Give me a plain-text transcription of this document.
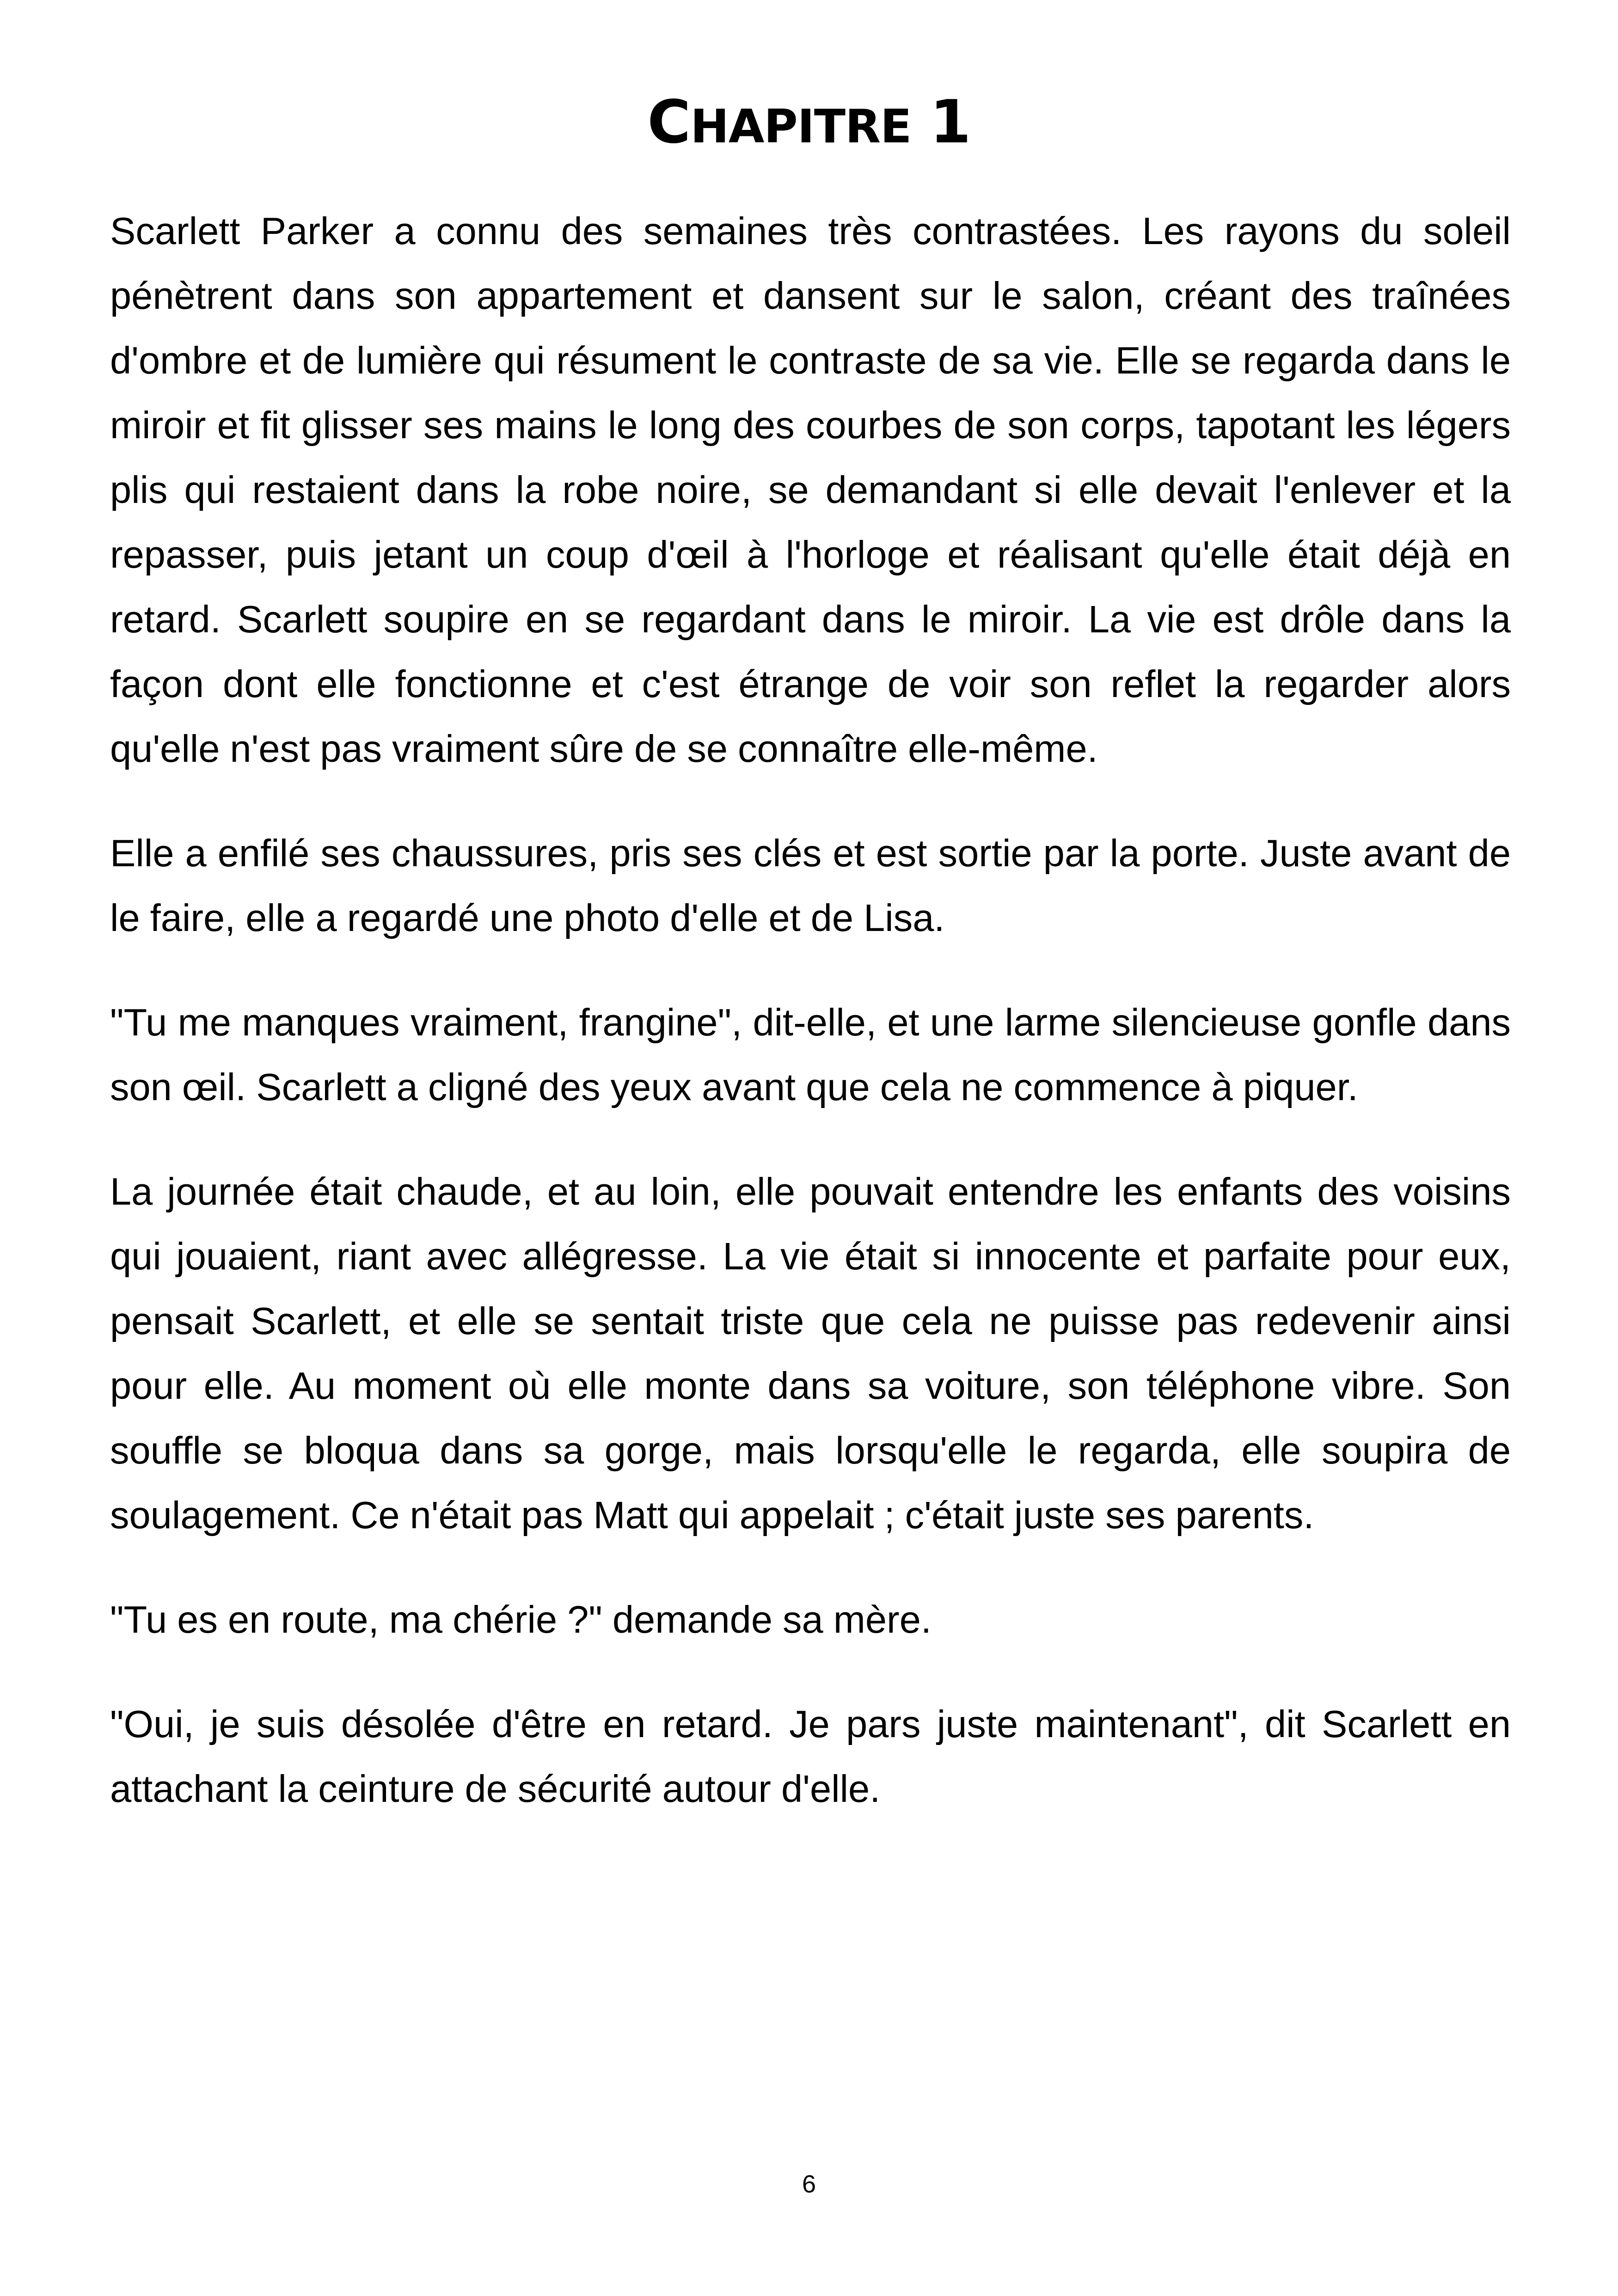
CHAPITRE 1

Scarlett Parker a connu des semaines très contrastées. Les rayons du soleil pénètrent dans son appartement et dansent sur le salon, créant des traînées d'ombre et de lumière qui résument le contraste de sa vie. Elle se regarda dans le miroir et fit glisser ses mains le long des courbes de son corps, tapotant les légers plis qui restaient dans la robe noire, se demandant si elle devait l'enlever et la repasser, puis jetant un coup d'œil à l'horloge et réalisant qu'elle était déjà en retard. Scarlett soupire en se regardant dans le miroir. La vie est drôle dans la façon dont elle fonctionne et c'est étrange de voir son reflet la regarder alors qu'elle n'est pas vraiment sûre de se connaître elle-même.

Elle a enfilé ses chaussures, pris ses clés et est sortie par la porte. Juste avant de le faire, elle a regardé une photo d'elle et de Lisa.

"Tu me manques vraiment, frangine", dit-elle, et une larme silencieuse gonfle dans son œil. Scarlett a cligné des yeux avant que cela ne commence à piquer.

La journée était chaude, et au loin, elle pouvait entendre les enfants des voisins qui jouaient, riant avec allégresse. La vie était si innocente et parfaite pour eux, pensait Scarlett, et elle se sentait triste que cela ne puisse pas redevenir ainsi pour elle. Au moment où elle monte dans sa voiture, son téléphone vibre. Son souffle se bloqua dans sa gorge, mais lorsqu'elle le regarda, elle soupira de soulagement. Ce n'était pas Matt qui appelait ; c'était juste ses parents.

"Tu es en route, ma chérie ?" demande sa mère.

"Oui, je suis désolée d'être en retard. Je pars juste maintenant", dit Scarlett en attachant la ceinture de sécurité autour d'elle.

6
